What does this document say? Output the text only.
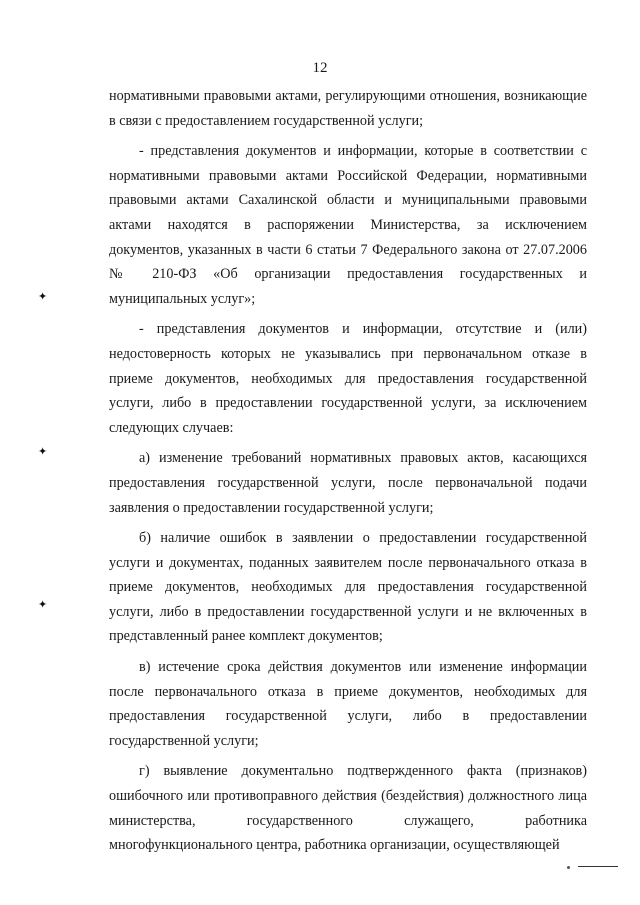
12

нормативными правовыми актами, регулирующими отношения, возникающие в связи с предоставлением государственной услуги;

- представления документов и информации, которые в соответствии с нормативными правовыми актами Российской Федерации, нормативными правовыми актами Сахалинской области и муниципальными правовыми актами находятся в распоряжении Министерства, за исключением документов, указанных в части 6 статьи 7 Федерального закона от 27.07.2006 № 210-ФЗ «Об организации предоставления государственных и муниципальных услуг»;

- представления документов и информации, отсутствие и (или) недостоверность которых не указывались при первоначальном отказе в приеме документов, необходимых для предоставления государственной услуги, либо в предоставлении государственной услуги, за исключением следующих случаев:

а) изменение требований нормативных правовых актов, касающихся предоставления государственной услуги, после первоначальной подачи заявления о предоставлении государственной услуги;

б) наличие ошибок в заявлении о предоставлении государственной услуги и документах, поданных заявителем после первоначального отказа в приеме документов, необходимых для предоставления государственной услуги, либо в предоставлении государственной услуги и не включенных в представленный ранее комплект документов;

в) истечение срока действия документов или изменение информации после первоначального отказа в приеме документов, необходимых для предоставления государственной услуги, либо в предоставлении государственной услуги;

г) выявление документально подтвержденного факта (признаков) ошибочного или противоправного действия (бездействия) должностного лица министерства, государственного служащего, работника многофункционального центра, работника организации, осуществляющей

✦
✦
✦
